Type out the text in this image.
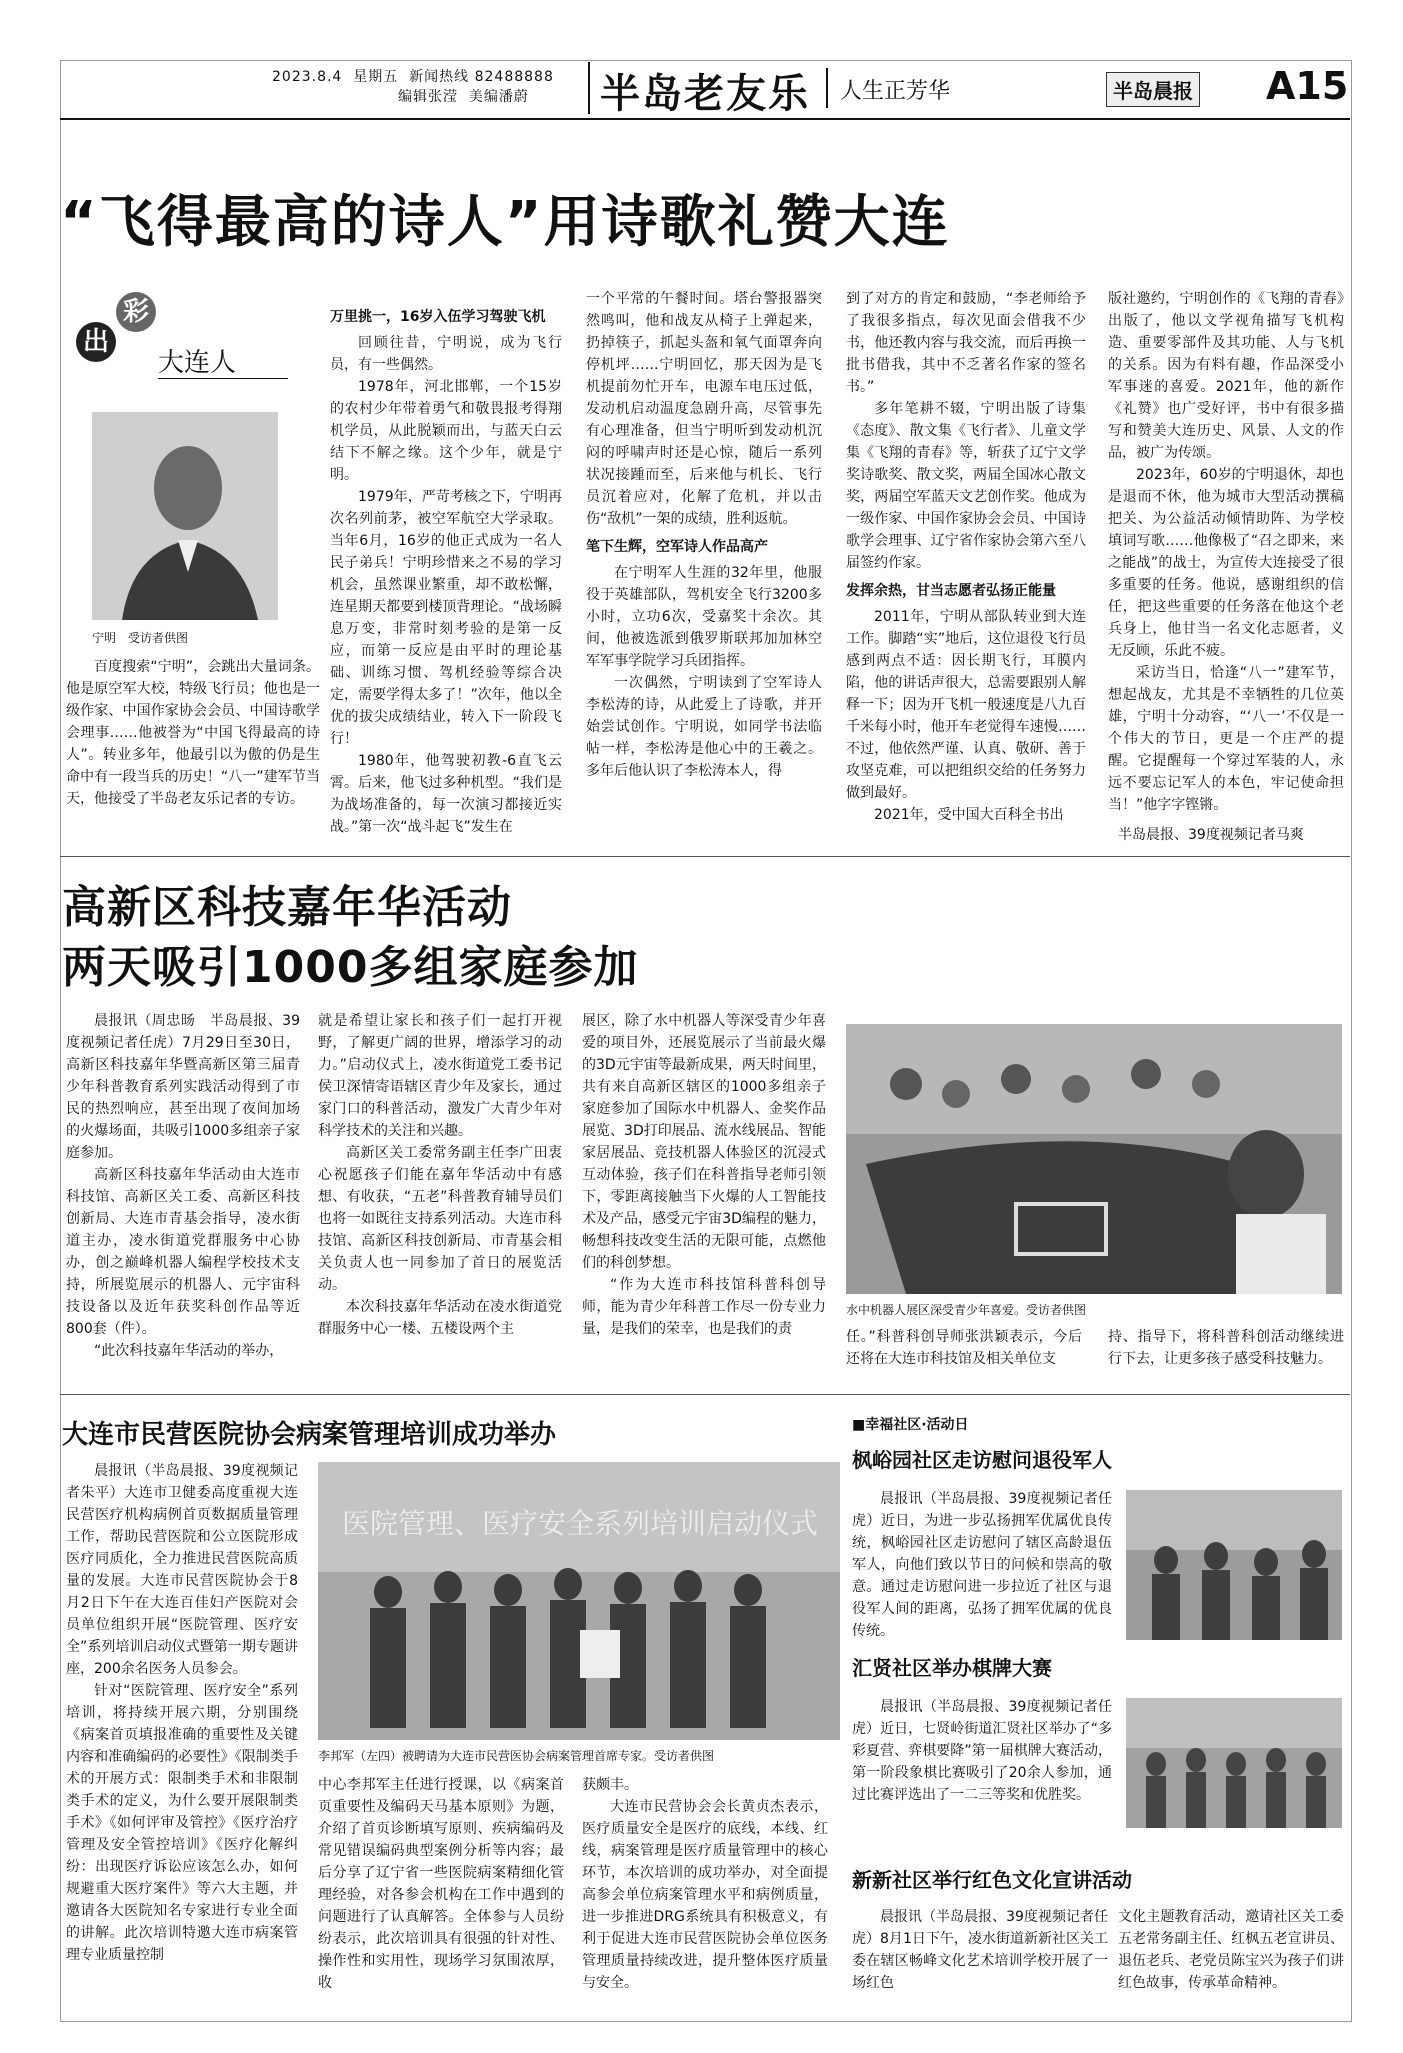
2023.8.4 星期五 新闻热线 82488888
编辑张滢 美编潘蔚 半岛老友乐 人生正芳华	半岛晨报 A15
“飞得最高的诗人”用诗歌礼赞大连
出
彩
大连人
宁明　受访者供图

百度搜索“宁明”，会跳出大量词条。他是原空军大校，特级飞行员；他也是一级作家、中国作家协会会员、中国诗歌学会理事……他被誉为“中国飞得最高的诗人”。转业多年，他最引以为傲的仍是生命中有一段当兵的历史！“八一”建军节当天，他接受了半岛老友乐记者的专访。

万里挑一，16岁入伍学习驾驶飞机

回顾往昔，宁明说，成为飞行员，有一些偶然。

1978年，河北邯郸，一个15岁的农村少年带着勇气和敬畏报考得翔机学员，从此脱颖而出，与蓝天白云结下不解之缘。这个少年，就是宁明。

1979年，严苛考核之下，宁明再次名列前茅，被空军航空大学录取。当年6月，16岁的他正式成为一名人民子弟兵！宁明珍惜来之不易的学习机会，虽然课业繁重，却不敢松懈，连星期天都要到楼顶背理论。“战场瞬息万变，非常时刻考验的是第一反应，而第一反应是由平时的理论基础、训练习惯、驾机经验等综合决定，需要学得太多了！”次年，他以全优的拔尖成绩结业，转入下一阶段飞行！

1980年，他驾驶初教-6直飞云霄。后来，他飞过多种机型。“我们是为战场准备的，每一次演习都接近实战。”第一次“战斗起飞”发生在

一个平常的午餐时间。塔台警报器突然鸣叫，他和战友从椅子上弹起来，扔掉筷子，抓起头盔和氧气面罩奔向停机坪……宁明回忆，那天因为是飞机提前勿忙开车，电源车电压过低，发动机启动温度急剧升高，尽管事先有心理准备，但当宁明听到发动机沉闷的呼啸声时还是心惊，随后一系列状况接踵而至，后来他与机长、飞行员沉着应对，化解了危机，并以击伤“敌机”一架的成绩，胜利返航。

笔下生辉，空军诗人作品高产

在宁明军人生涯的32年里，他服役于英雄部队，驾机安全飞行3200多小时，立功6次，受嘉奖十余次。其间，他被选派到俄罗斯联邦加加林空军军事学院学习兵团指挥。

一次偶然，宁明读到了空军诗人李松涛的诗，从此爱上了诗歌，并开始尝试创作。宁明说，如同学书法临帖一样，李松涛是他心中的王羲之。多年后他认识了李松涛本人，得

到了对方的肯定和鼓励，“李老师给予了我很多指点，每次见面会借我不少书，他还教内容与我交流，而后再换一批书借我，其中不乏著名作家的签名书。”

多年笔耕不辍，宁明出版了诗集《态度》、散文集《飞行者》、儿童文学集《飞翔的青春》等，斩获了辽宁文学奖诗歌奖、散文奖，两届全国冰心散文奖，两届空军蓝天文艺创作奖。他成为一级作家、中国作家协会会员、中国诗歌学会理事、辽宁省作家协会第六至八届签约作家。

发挥余热，甘当志愿者弘扬正能量

2011年，宁明从部队转业到大连工作。脚踏“实”地后，这位退役飞行员感到两点不适：因长期飞行，耳膜内陷，他的讲话声很大，总需要跟别人解释一下；因为开飞机一般速度是八九百千米每小时，他开车老觉得车速慢……不过，他依然严谨、认真、敬研、善于攻坚克难，可以把组织交给的任务努力做到最好。

2021年，受中国大百科全书出

版社邀约，宁明创作的《飞翔的青春》出版了，他以文学视角描写飞机构造、重要零部件及其功能、人与飞机的关系。因为有料有趣，作品深受小军事迷的喜爱。2021年，他的新作《礼赞》也广受好评，书中有很多描写和赞美大连历史、风景、人文的作品，被广为传颂。

2023年，60岁的宁明退休，却也是退而不休，他为城市大型活动撰稿把关、为公益活动倾情助阵、为学校填词写歌……他像极了“召之即来，来之能战”的战士，为宣传大连接受了很多重要的任务。他说，感谢组织的信任，把这些重要的任务落在他这个老兵身上，他甘当一名文化志愿者，义无反顾，乐此不疲。

采访当日，恰逢“八一”建军节，想起战友，尤其是不幸牺牲的几位英雄，宁明十分动容，“‘八一’不仅是一个伟大的节日，更是一个庄严的提醒。它提醒每一个穿过军装的人，永远不要忘记军人的本色，牢记使命担当！”他字字铿锵。

半岛晨报、39度视频记者马爽
高新区科技嘉年华活动
两天吸引1000多组家庭参加

晨报讯（周忠旸　半岛晨报、39度视频记者任虎）7月29日至30日，高新区科技嘉年华暨高新区第三届青少年科普教育系列实践活动得到了市民的热烈响应，甚至出现了夜间加场的火爆场面，共吸引1000多组亲子家庭参加。

高新区科技嘉年华活动由大连市科技馆、高新区关工委、高新区科技创新局、大连市青基会指导，凌水街道主办，凌水街道党群服务中心协办，创之巅峰机器人编程学校技术支持，所展览展示的机器人、元宇宙科技设备以及近年获奖科创作品等近800套（件）。

“此次科技嘉年华活动的举办，

就是希望让家长和孩子们一起打开视野，了解更广阔的世界，增添学习的动力。”启动仪式上，凌水街道党工委书记侯卫深情寄语辖区青少年及家长，通过家门口的科普活动，激发广大青少年对科学技术的关注和兴趣。

高新区关工委常务副主任李广田衷心祝愿孩子们能在嘉年华活动中有感想、有收获，“五老”科普教育辅导员们也将一如既往支持系列活动。大连市科技馆、高新区科技创新局、市青基会相关负责人也一同参加了首日的展览活动。

本次科技嘉年华活动在凌水街道党群服务中心一楼、五楼设两个主

展区，除了水中机器人等深受青少年喜爱的项目外，还展览展示了当前最火爆的3D元宇宙等最新成果，两天时间里，共有来自高新区辖区的1000多组亲子家庭参加了国际水中机器人、金奖作品展览、3D打印展品、流水线展品、智能家居展品、竞技机器人体验区的沉浸式互动体验，孩子们在科普指导老师引领下，零距离接触当下火爆的人工智能技术及产品，感受元宇宙3D编程的魅力，畅想科技改变生活的无限可能，点燃他们的科创梦想。

“作为大连市科技馆科普科创导师，能为青少年科普工作尽一份专业力量，是我们的荣幸，也是我们的责

水中机器人展区深受青少年喜爱。受访者供图

任。”科普科创导师张洪颖表示，今后还将在大连市科技馆及相关单位支

持、指导下，将科普科创活动继续进行下去，让更多孩子感受科技魅力。

大连市民营医院协会病案管理培训成功举办

晨报讯（半岛晨报、39度视频记者朱平）大连市卫健委高度重视大连民营医疗机构病例首页数据质量管理工作，帮助民营医院和公立医院形成医疗同质化，全力推进民营医院高质量的发展。大连市民营医院协会于8月2日下午在大连百佳妇产医院对会员单位组织开展“医院管理、医疗安全”系列培训启动仪式暨第一期专题讲座，200余名医务人员参会。

针对“医院管理、医疗安全”系列培训，将持续开展六期，分别围绕《病案首页填报准确的重要性及关键内容和准确编码的必要性》《限制类手术的开展方式：限制类手术和非限制类手术的定义，为什么要开展限制类手术》《如何评审及管控》《医疗治疗管理及安全管控培训》《医疗化解纠纷：出现医疗诉讼应该怎么办，如何规避重大医疗案件》等六大主题，并邀请各大医院知名专家进行专业全面的讲解。此次培训特邀大连市病案管理专业质量控制

医院管理、医疗安全系列培训启动仪式
李邦军（左四）被聘请为大连市民营医协会病案管理首席专家。受访者供图

中心李邦军主任进行授课，以《病案首页重要性及编码天马基本原则》为题，介绍了首页诊断填写原则、疾病编码及常见错误编码典型案例分析等内容；最后分享了辽宁省一些医院病案精细化管理经验，对各参会机构在工作中遇到的问题进行了认真解答。全体参与人员纷纷表示，此次培训具有很强的针对性、操作性和实用性，现场学习氛围浓厚，收

获颇丰。

大连市民营协会会长黄贞杰表示，医疗质量安全是医疗的底线，本线、红线，病案管理是医疗质量管理中的核心环节，本次培训的成功举办，对全面提高参会单位病案管理水平和病例质量，进一步推进DRG系统具有积极意义，有利于促进大连市民营医院协会单位医务管理质量持续改进，提升整体医疗质量与安全。

■幸福社区·活动日
枫峪园社区走访慰问退役军人

晨报讯（半岛晨报、39度视频记者任虎）近日，为进一步弘扬拥军优属优良传统，枫峪园社区走访慰问了辖区高龄退伍军人，向他们致以节日的问候和崇高的敬意。通过走访慰问进一步拉近了社区与退役军人间的距离，弘扬了拥军优属的优良传统。

汇贤社区举办棋牌大赛

晨报讯（半岛晨报、39度视频记者任虎）近日，七贤岭街道汇贤社区举办了“多彩夏营、弈棋要降”第一届棋牌大赛活动，第一阶段象棋比赛吸引了20余人参加，通过比赛评选出了一二三等奖和优胜奖。

新新社区举行红色文化宣讲活动

晨报讯（半岛晨报、39度视频记者任虎）8月1日下午，凌水街道新新社区关工委在辖区畅峰文化艺术培训学校开展了一场红色

文化主题教育活动，邀请社区关工委五老常务副主任、红枫五老宣讲员、退伍老兵、老党员陈宝兴为孩子们讲红色故事，传承革命精神。
